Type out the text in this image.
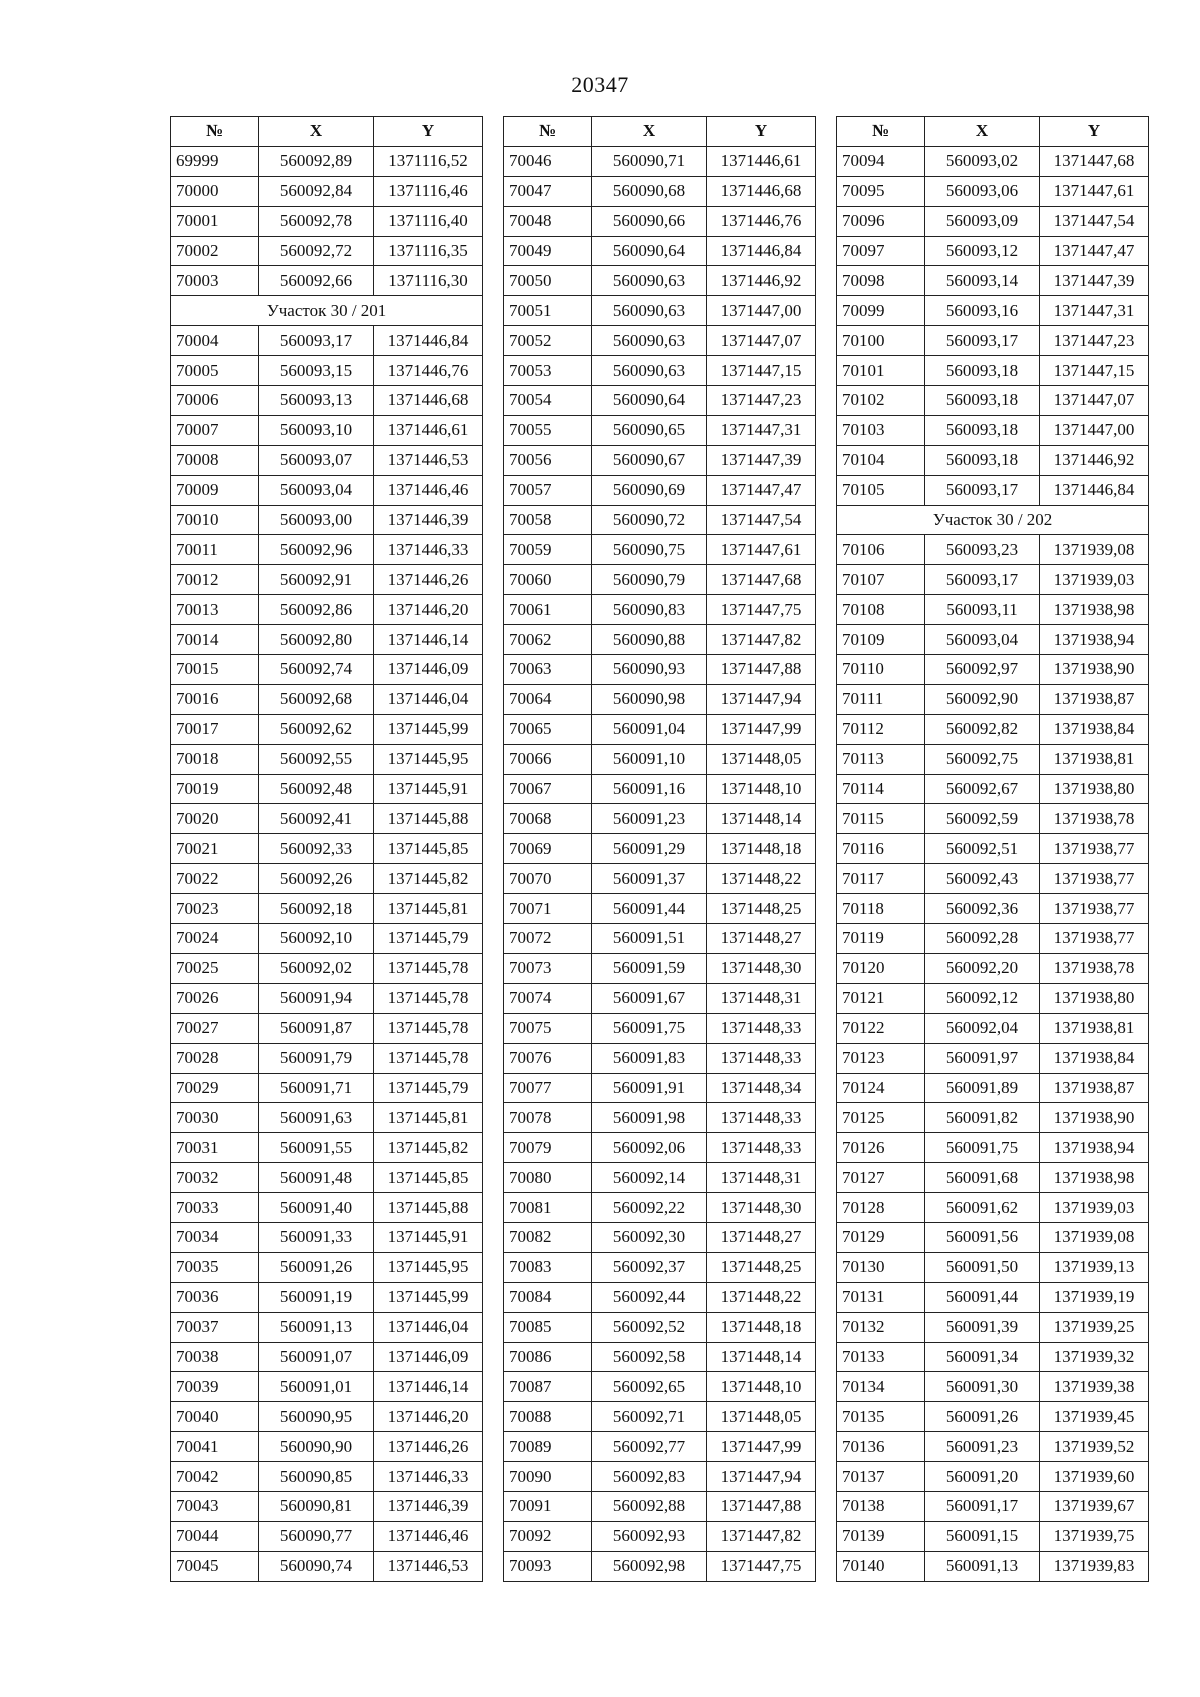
20347
№	X	Y
69999	560092,89	1371116,52
70000	560092,84	1371116,46
70001	560092,78	1371116,40
70002	560092,72	1371116,35
70003	560092,66	1371116,30
Участок 30 / 201		
70004	560093,17	1371446,84
70005	560093,15	1371446,76
70006	560093,13	1371446,68
70007	560093,10	1371446,61
70008	560093,07	1371446,53
70009	560093,04	1371446,46
70010	560093,00	1371446,39
70011	560092,96	1371446,33
70012	560092,91	1371446,26
70013	560092,86	1371446,20
70014	560092,80	1371446,14
70015	560092,74	1371446,09
70016	560092,68	1371446,04
70017	560092,62	1371445,99
70018	560092,55	1371445,95
70019	560092,48	1371445,91
70020	560092,41	1371445,88
70021	560092,33	1371445,85
70022	560092,26	1371445,82
70023	560092,18	1371445,81
70024	560092,10	1371445,79
70025	560092,02	1371445,78
70026	560091,94	1371445,78
70027	560091,87	1371445,78
70028	560091,79	1371445,78
70029	560091,71	1371445,79
70030	560091,63	1371445,81
70031	560091,55	1371445,82
70032	560091,48	1371445,85
70033	560091,40	1371445,88
70034	560091,33	1371445,91
70035	560091,26	1371445,95
70036	560091,19	1371445,99
70037	560091,13	1371446,04
70038	560091,07	1371446,09
70039	560091,01	1371446,14
70040	560090,95	1371446,20
70041	560090,90	1371446,26
70042	560090,85	1371446,33
70043	560090,81	1371446,39
70044	560090,77	1371446,46
70045	560090,74	1371446,53
№	X	Y
70046	560090,71	1371446,61
70047	560090,68	1371446,68
70048	560090,66	1371446,76
70049	560090,64	1371446,84
70050	560090,63	1371446,92
70051	560090,63	1371447,00
70052	560090,63	1371447,07
70053	560090,63	1371447,15
70054	560090,64	1371447,23
70055	560090,65	1371447,31
70056	560090,67	1371447,39
70057	560090,69	1371447,47
70058	560090,72	1371447,54
70059	560090,75	1371447,61
70060	560090,79	1371447,68
70061	560090,83	1371447,75
70062	560090,88	1371447,82
70063	560090,93	1371447,88
70064	560090,98	1371447,94
70065	560091,04	1371447,99
70066	560091,10	1371448,05
70067	560091,16	1371448,10
70068	560091,23	1371448,14
70069	560091,29	1371448,18
70070	560091,37	1371448,22
70071	560091,44	1371448,25
70072	560091,51	1371448,27
70073	560091,59	1371448,30
70074	560091,67	1371448,31
70075	560091,75	1371448,33
70076	560091,83	1371448,33
70077	560091,91	1371448,34
70078	560091,98	1371448,33
70079	560092,06	1371448,33
70080	560092,14	1371448,31
70081	560092,22	1371448,30
70082	560092,30	1371448,27
70083	560092,37	1371448,25
70084	560092,44	1371448,22
70085	560092,52	1371448,18
70086	560092,58	1371448,14
70087	560092,65	1371448,10
70088	560092,71	1371448,05
70089	560092,77	1371447,99
70090	560092,83	1371447,94
70091	560092,88	1371447,88
70092	560092,93	1371447,82
70093	560092,98	1371447,75
№	X	Y
70094	560093,02	1371447,68
70095	560093,06	1371447,61
70096	560093,09	1371447,54
70097	560093,12	1371447,47
70098	560093,14	1371447,39
70099	560093,16	1371447,31
70100	560093,17	1371447,23
70101	560093,18	1371447,15
70102	560093,18	1371447,07
70103	560093,18	1371447,00
70104	560093,18	1371446,92
70105	560093,17	1371446,84
Участок 30 / 202		
70106	560093,23	1371939,08
70107	560093,17	1371939,03
70108	560093,11	1371938,98
70109	560093,04	1371938,94
70110	560092,97	1371938,90
70111	560092,90	1371938,87
70112	560092,82	1371938,84
70113	560092,75	1371938,81
70114	560092,67	1371938,80
70115	560092,59	1371938,78
70116	560092,51	1371938,77
70117	560092,43	1371938,77
70118	560092,36	1371938,77
70119	560092,28	1371938,77
70120	560092,20	1371938,78
70121	560092,12	1371938,80
70122	560092,04	1371938,81
70123	560091,97	1371938,84
70124	560091,89	1371938,87
70125	560091,82	1371938,90
70126	560091,75	1371938,94
70127	560091,68	1371938,98
70128	560091,62	1371939,03
70129	560091,56	1371939,08
70130	560091,50	1371939,13
70131	560091,44	1371939,19
70132	560091,39	1371939,25
70133	560091,34	1371939,32
70134	560091,30	1371939,38
70135	560091,26	1371939,45
70136	560091,23	1371939,52
70137	560091,20	1371939,60
70138	560091,17	1371939,67
70139	560091,15	1371939,75
70140	560091,13	1371939,83
